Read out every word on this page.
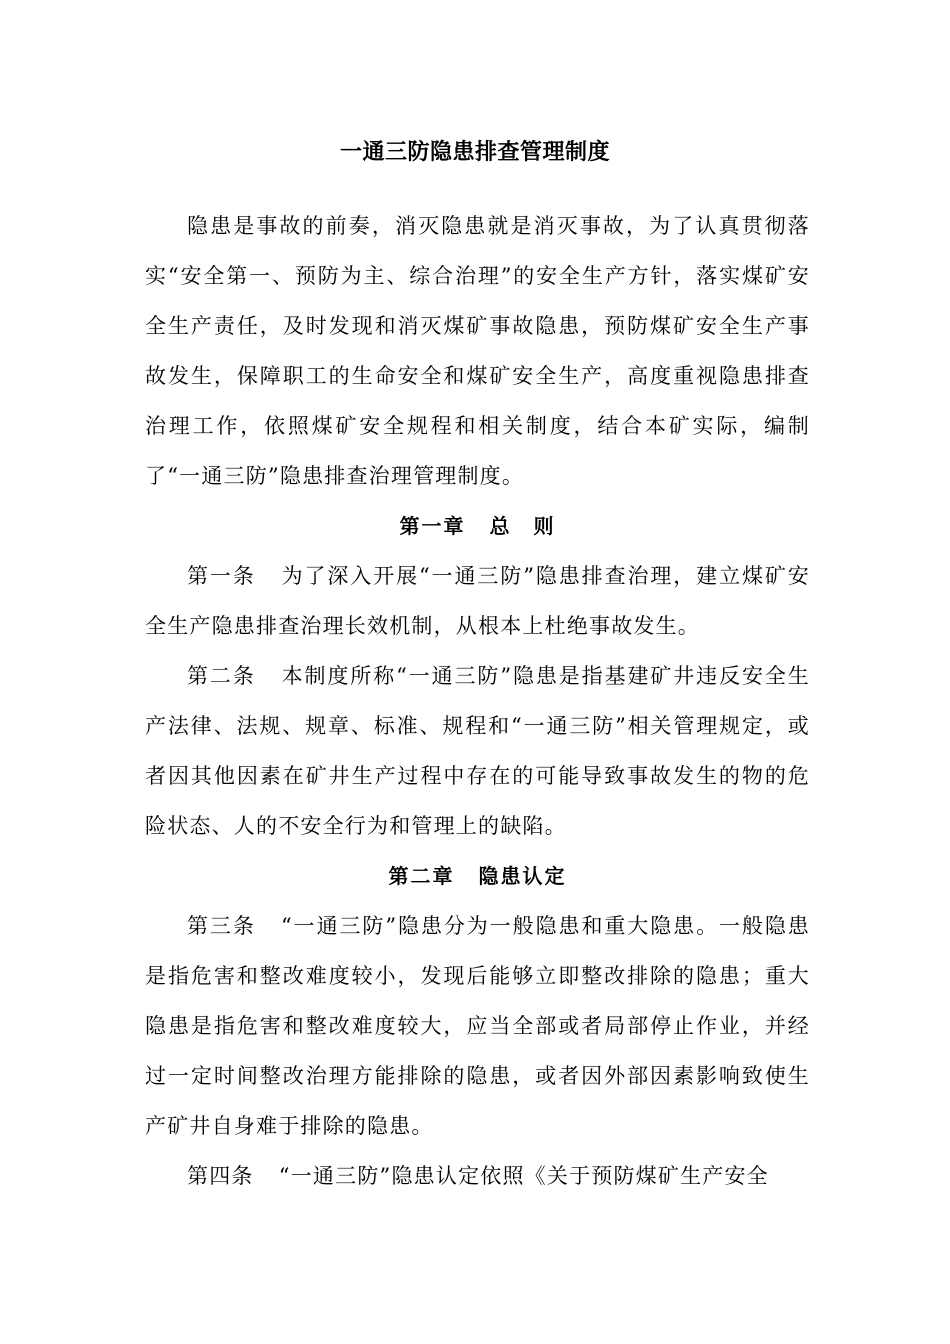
一通三防隐患排查管理制度

隐患是事故的前奏，消灭隐患就是消灭事故，为了认真贯彻落实“安全第一、预防为主、综合治理”的安全生产方针，落实煤矿安全生产责任，及时发现和消灭煤矿事故隐患，预防煤矿安全生产事故发生，保障职工的生命安全和煤矿安全生产，高度重视隐患排查治理工作，依照煤矿安全规程和相关制度，结合本矿实际，编制了“一通三防”隐患排查治理管理制度。

第一章 总　则

第一条 为了深入开展“一通三防”隐患排查治理，建立煤矿安全生产隐患排查治理长效机制，从根本上杜绝事故发生。

第二条 本制度所称“一通三防”隐患是指基建矿井违反安全生产法律、法规、规章、标准、规程和“一通三防”相关管理规定，或者因其他因素在矿井生产过程中存在的可能导致事故发生的物的危险状态、人的不安全行为和管理上的缺陷。

第二章 隐患认定

第三条 “一通三防”隐患分为一般隐患和重大隐患。一般隐患是指危害和整改难度较小，发现后能够立即整改排除的隐患；重大隐患是指危害和整改难度较大，应当全部或者局部停止作业，并经过一定时间整改治理方能排除的隐患，或者因外部因素影响致使生产矿井自身难于排除的隐患。

第四条 “一通三防”隐患认定依照《关于预防煤矿生产安全
